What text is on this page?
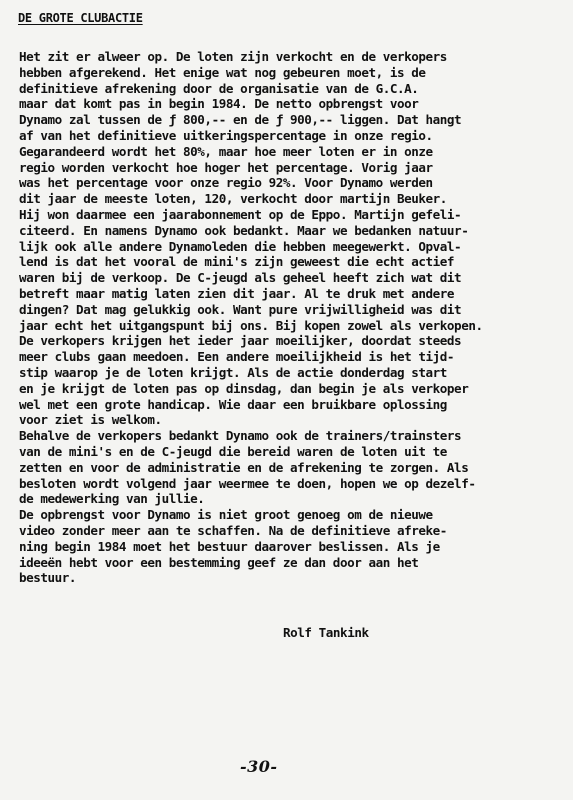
DE GROTE CLUBACTIE
Het zit er alweer op. De loten zijn verkocht en de verkopers
hebben afgerekend. Het enige wat nog gebeuren moet, is de
definitieve afrekening door de organisatie van de G.C.A.
maar dat komt pas in begin 1984. De netto opbrengst voor
Dynamo zal tussen de ƒ 800,-- en de ƒ 900,-- liggen. Dat hangt
af van het definitieve uitkeringspercentage in onze regio.
Gegarandeerd wordt het 80%, maar hoe meer loten er in onze
regio worden verkocht hoe hoger het percentage. Vorig jaar
was het percentage voor onze regio 92%. Voor Dynamo werden
dit jaar de meeste loten, 120, verkocht door martijn Beuker.
Hij won daarmee een jaarabonnement op de Eppo. Martijn gefeli-
citeerd. En namens Dynamo ook bedankt. Maar we bedanken natuur-
lijk ook alle andere Dynamoleden die hebben meegewerkt. Opval-
lend is dat het vooral de mini's zijn geweest die echt actief
waren bij de verkoop. De C-jeugd als geheel heeft zich wat dit
betreft maar matig laten zien dit jaar. Al te druk met andere
dingen? Dat mag gelukkig ook. Want pure vrijwilligheid was dit
jaar echt het uitgangspunt bij ons. Bij kopen zowel als verkopen.
De verkopers krijgen het ieder jaar moeilijker, doordat steeds
meer clubs gaan meedoen. Een andere moeilijkheid is het tijd-
stip waarop je de loten krijgt. Als de actie donderdag start
en je krijgt de loten pas op dinsdag, dan begin je als verkoper
wel met een grote handicap. Wie daar een bruikbare oplossing
voor ziet is welkom.
Behalve de verkopers bedankt Dynamo ook de trainers/trainsters
van de mini's en de C-jeugd die bereid waren de loten uit te
zetten en voor de administratie en de afrekening te zorgen. Als
besloten wordt volgend jaar weermee te doen, hopen we op dezelf-
de medewerking van jullie.
De opbrengst voor Dynamo is niet groot genoeg om de nieuwe
video zonder meer aan te schaffen. Na de definitieve afreke-
ning begin 1984 moet het bestuur daarover beslissen. Als je
ideeën hebt voor een bestemming geef ze dan door aan het
bestuur.
Rolf Tankink
-30-
